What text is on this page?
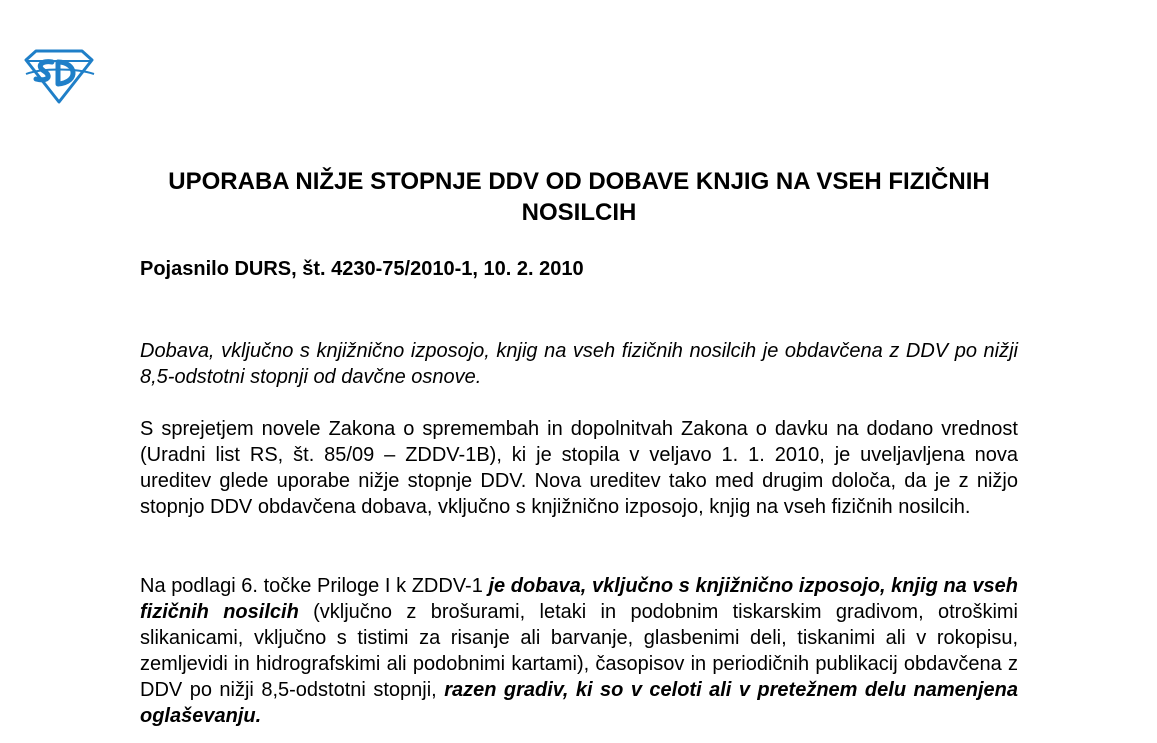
UPORABA NIŽJE STOPNJE DDV OD DOBAVE KNJIG NA VSEH FIZIČNIH NOSILCIH

Pojasnilo DURS, št. 4230-75/2010-1, 10. 2. 2010

Dobava, vključno s knjižnično izposojo, knjig na vseh fizičnih nosilcih je obdavčena z DDV po nižji 8,5-odstotni stopnji od davčne osnove.

S sprejetjem novele Zakona o spremembah in dopolnitvah Zakona o davku na dodano vrednost (Uradni list RS, št. 85/09 – ZDDV-1B), ki je stopila v veljavo 1. 1. 2010, je uveljavljena nova ureditev glede uporabe nižje stopnje DDV. Nova ureditev tako med drugim določa, da je z nižjo stopnjo DDV obdavčena dobava, vključno s knjižnično izposojo, knjig na vseh fizičnih nosilcih.

Na podlagi 6. točke Priloge I k ZDDV-1 je dobava, vključno s knjižnično izposojo, knjig na vseh fizičnih nosilcih (vključno z brošurami, letaki in podobnim tiskarskim gradivom, otroškimi slikanicami, vključno s tistimi za risanje ali barvanje, glasbenimi deli, tiskanimi ali v rokopisu, zemljevidi in hidrografskimi ali podobnimi kartami), časopisov in periodičnih publikacij obdavčena z DDV po nižji 8,5-odstotni stopnji, razen gradiv, ki so v celoti ali v pretežnem delu namenjena oglaševanju.
